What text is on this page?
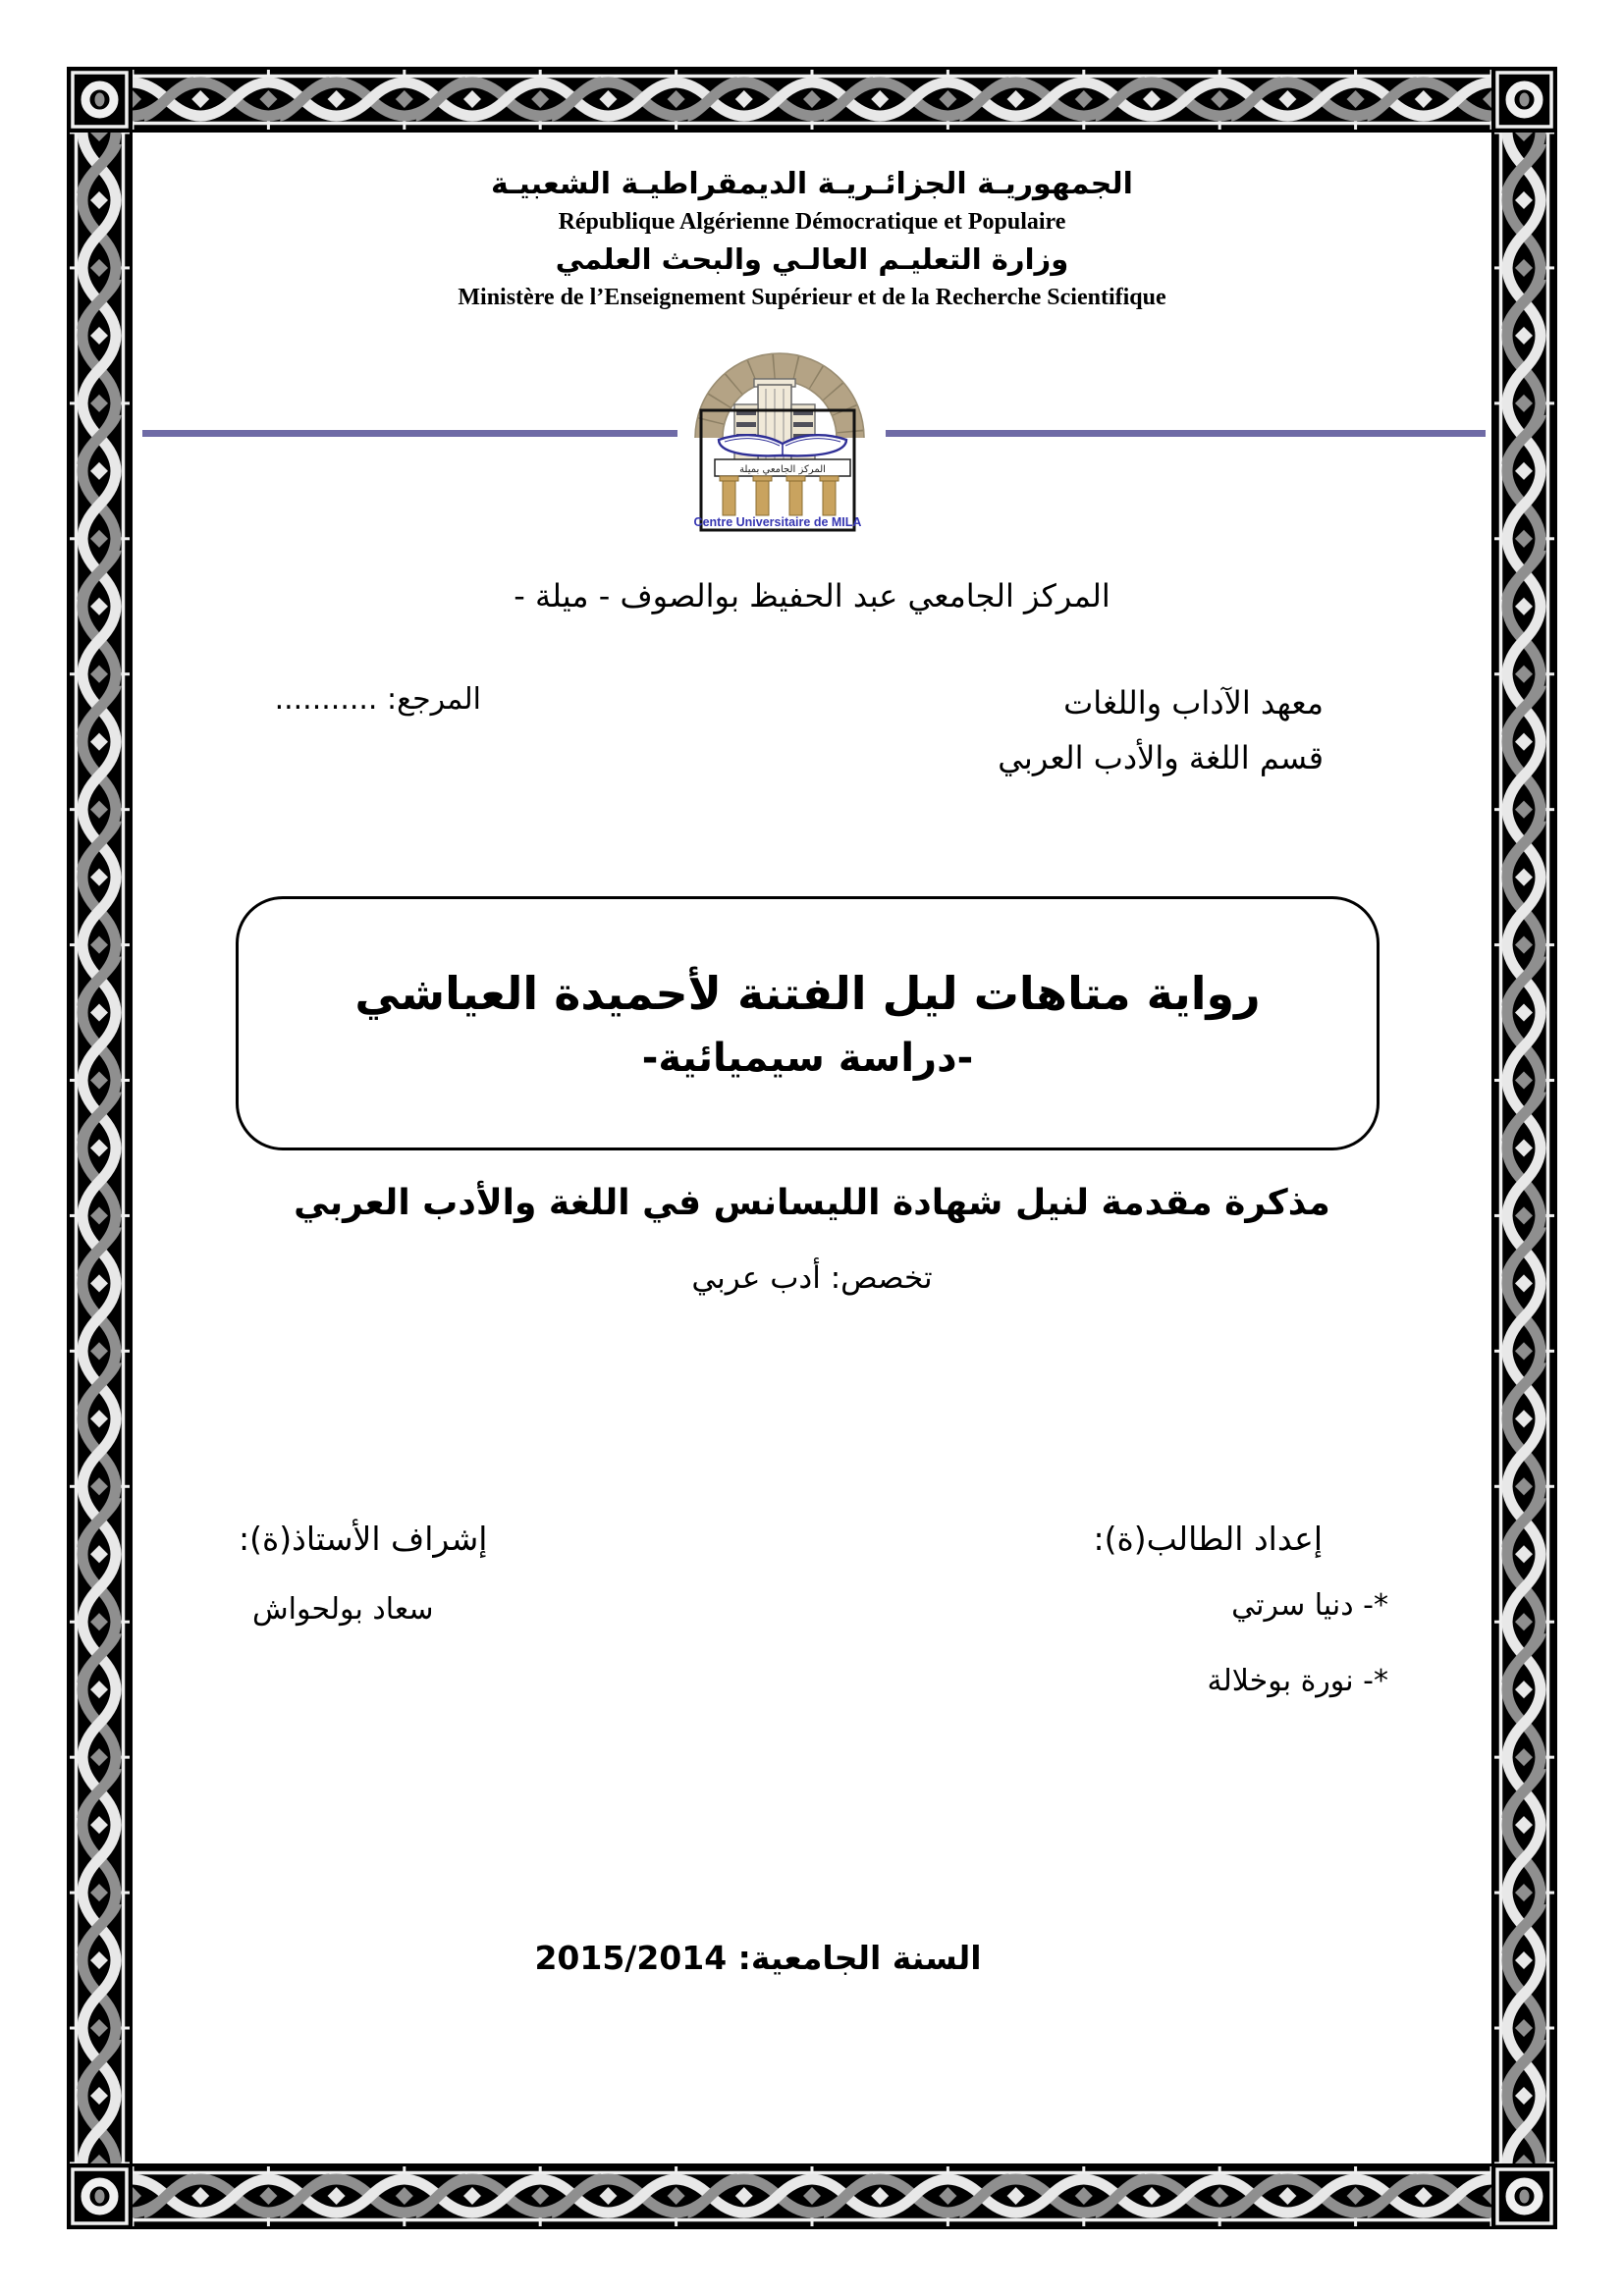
الجمهوريـة الجزائـريـة الديمقراطيـة الشعبيـة
République Algérienne Démocratique et Populaire
وزارة التعليـم العالـي والبحث العلمي
Ministère de l’Enseignement Supérieur et de la Recherche Scientifique
المركز الجامعي بميلة
Centre Universitaire de MILA
المركز الجامعي عبد الحفيظ بوالصوف - ميلة -
معهد الآداب واللغات
قسم اللغة والأدب العربي
المرجع: ...........
رواية متاهات ليل الفتنة لأحميدة العياشي
-دراسة سيميائية-
مذكرة مقدمة لنيل شهادة الليسانس في اللغة والأدب العربي
تخصص: أدب عربي
إعداد الطالب(ة):
*- دنيا سرتي
*- نورة بوخلالة
إشراف الأستاذ(ة):
سعاد بولحواش
السنة الجامعية: 2015/2014
